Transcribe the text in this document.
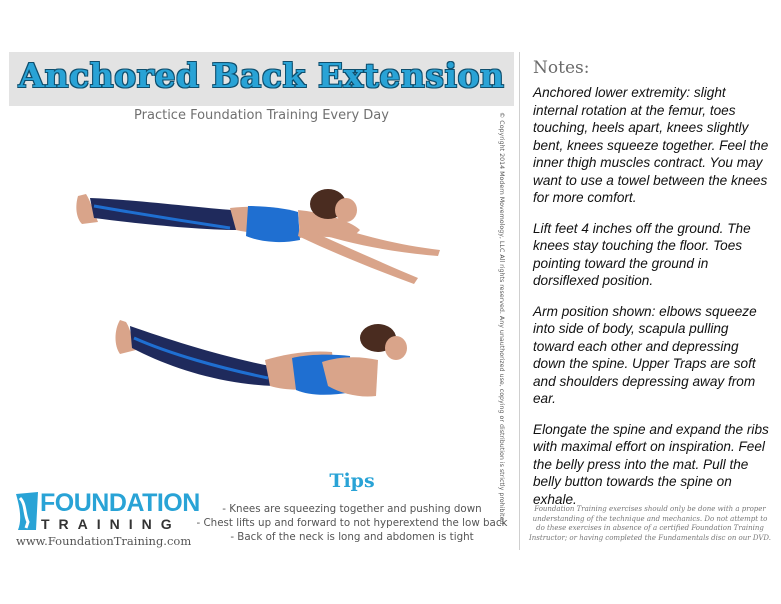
Anchored Back Extension
Practice Foundation Training Every Day
Tips
- Knees are squeezing together and pushing down
- Chest lifts up and forward to not hyperextend the low back
- Back of the neck is long and abdomen is tight
FOUNDATION
TRAINING
www.FoundationTraining.com
© Copyright 2014 Modern Movemology, LLC All rights reserved. Any unauthorized use, copying or distribution is strictly prohibited.
Notes:

Anchored lower extremity: slight internal rotation at the femur, toes touching, heels apart, knees slightly bent, knees squeeze together. Feel the inner thigh muscles contract. You may want to use a towel between the knees for more comfort.

Lift feet 4 inches off the ground. The knees stay touching the floor. Toes pointing toward the ground in dorsiflexed position.

Arm position shown: elbows squeeze into side of body, scapula pulling toward each other and depressing down the spine. Upper Traps are soft and shoulders depressing away from ear.

Elongate the spine and expand the ribs with maximal effort on inspiration. Feel the belly press into the mat. Pull the belly button towards the spine on exhale.

Foundation Training exercises should only be done with a proper understanding of the technique and mechanics. Do not attempt to do these exercises in absence of a certified Foundation Training Instructor; or having completed the Fundamentals disc on our DVD.
